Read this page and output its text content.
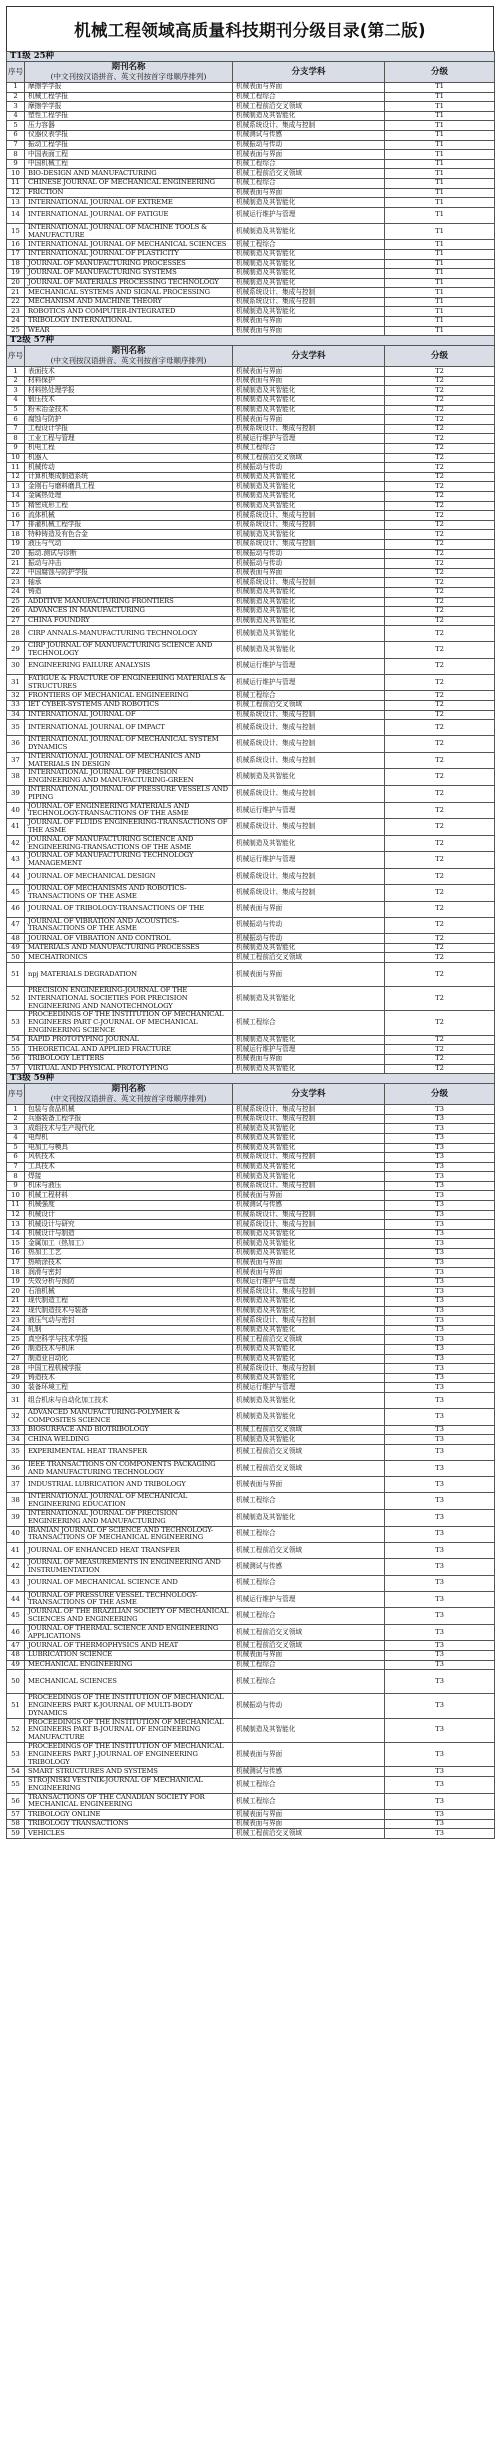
机械工程领域高质量科技期刊分级目录(第二版)
T1级 25种			
序号	期刊名称
(中文刊按汉语拼音、英文刊按首字母顺序排列)	分支学科	分级
1	摩擦学学报	机械表面与界面	T1
2	机械工程学报	机械工程综合	T1
3	摩擦学学报	机械工程前沿交叉领域	T1
4	塑性工程学报	机械制造及其智能化	T1
5	压力容器	机械系统设计、集成与控制	T1
6	仪器仪表学报	机械测试与传感	T1
7	振动工程学报	机械振动与传动	T1
8	中国表面工程	机械表面与界面	T1
9	中国机械工程	机械工程综合	T1
10	BIO-DESIGN AND MANUFACTURING	机械工程前沿交叉领域	T1
11	CHINESE JOURNAL OF MECHANICAL ENGINEERING	机械工程综合	T1
12	FRICTION	机械表面与界面	T1
13	INTERNATIONAL JOURNAL OF EXTREME	机械制造及其智能化	T1
14	INTERNATIONAL JOURNAL OF FATIGUE	机械运行维护与管理	T1
15	INTERNATIONAL JOURNAL OF MACHINE TOOLS & MANUFACTURE	机械制造及其智能化	T1
16	INTERNATIONAL JOURNAL OF MECHANICAL SCIENCES	机械工程综合	T1
17	INTERNATIONAL JOURNAL OF PLASTICITY	机械制造及其智能化	T1
18	JOURNAL OF MANUFACTURING PROCESSES	机械制造及其智能化	T1
19	JOURNAL OF MANUFACTURING SYSTEMS	机械制造及其智能化	T1
20	JOURNAL OF MATERIALS PROCESSING TECHNOLOGY	机械制造及其智能化	T1
21	MECHANICAL SYSTEMS AND SIGNAL PROCESSING	机械系统设计、集成与控制	T1
22	MECHANISM AND MACHINE THEORY	机械系统设计、集成与控制	T1
23	ROBOTICS AND COMPUTER-INTEGRATED	机械制造及其智能化	T1
24	TRIBOLOGY INTERNATIONAL	机械表面与界面	T1
25	WEAR	机械表面与界面	T1
T2级 57种			
序号	期刊名称
(中文刊按汉语拼音、英文刊按首字母顺序排列)	分支学科	分级
1	表面技术	机械表面与界面	T2
2	材料保护	机械表面与界面	T2
3	材料热处理学报	机械制造及其智能化	T2
4	锻压技术	机械制造及其智能化	T2
5	粉末冶金技术	机械制造及其智能化	T2
6	腐蚀与防护	机械表面与界面	T2
7	工程设计学报	机械系统设计、集成与控制	T2
8	工业工程与管理	机械运行维护与管理	T2
9	机电工程	机械工程综合	T2
10	机器人	机械工程前沿交叉领域	T2
11	机械传动	机械振动与传动	T2
12	计算机集成制造系统	机械制造及其智能化	T2
13	金刚石与磨料磨具工程	机械制造及其智能化	T2
14	金属热处理	机械制造及其智能化	T2
15	精密成形工程	机械制造及其智能化	T2
16	流体机械	机械系统设计、集成与控制	T2
17	排灌机械工程学报	机械系统设计、集成与控制	T2
18	特种铸造及有色合金	机械制造及其智能化	T2
19	液压与气动	机械系统设计、集成与控制	T2
20	振动.测试与诊断	机械振动与传动	T2
21	振动与冲击	机械振动与传动	T2
22	中国腐蚀与防护学报	机械表面与界面	T2
23	轴承	机械系统设计、集成与控制	T2
24	铸造	机械制造及其智能化	T2
25	ADDITIVE MANUFACTURING FRONTIERS	机械制造及其智能化	T2
26	ADVANCES IN MANUFACTURING	机械制造及其智能化	T2
27	CHINA FOUNDRY	机械制造及其智能化	T2
28	CIRP ANNALS-MANUFACTURING TECHNOLOGY	机械制造及其智能化	T2
29	CIRP JOURNAL OF MANUFACTURING SCIENCE AND TECHNOLOGY	机械制造及其智能化	T2
30	ENGINEERING FAILURE ANALYSIS	机械运行维护与管理	T2
31	FATIGUE & FRACTURE OF ENGINEERING MATERIALS & STRUCTURES	机械运行维护与管理	T2
32	FRONTIERS OF MECHANICAL ENGINEERING	机械工程综合	T2
33	IET CYBER-SYSTEMS AND ROBOTICS	机械工程前沿交叉领域	T2
34	INTERNATIONAL JOURNAL OF	机械系统设计、集成与控制	T2
35	INTERNATIONAL JOURNAL OF IMPACT	机械系统设计、集成与控制	T2
36	INTERNATIONAL JOURNAL OF MECHANICAL SYSTEM DYNAMICS	机械系统设计、集成与控制	T2
37	INTERNATIONAL JOURNAL OF MECHANICS AND MATERIALS IN DESIGN	机械系统设计、集成与控制	T2
38	INTERNATIONAL JOURNAL OF PRECISION ENGINEERING AND MANUFACTURING-GREEN	机械制造及其智能化	T2
39	INTERNATIONAL JOURNAL OF PRESSURE VESSELS AND PIPING	机械系统设计、集成与控制	T2
40	JOURNAL OF ENGINEERING MATERIALS AND TECHNOLOGY-TRANSACTIONS OF THE ASME	机械运行维护与管理	T2
41	JOURNAL OF FLUIDS ENGINEERING-TRANSACTIONS OF THE ASME	机械系统设计、集成与控制	T2
42	JOURNAL OF MANUFACTURING SCIENCE AND ENGINEERING-TRANSACTIONS OF THE ASME	机械制造及其智能化	T2
43	JOURNAL OF MANUFACTURING TECHNOLOGY MANAGEMENT	机械运行维护与管理	T2
44	JOURNAL OF MECHANICAL DESIGN	机械系统设计、集成与控制	T2
45	JOURNAL OF MECHANISMS AND ROBOTICS-TRANSACTIONS OF THE ASME	机械系统设计、集成与控制	T2
46	JOURNAL OF TRIBOLOGY-TRANSACTIONS OF THE	机械表面与界面	T2
47	JOURNAL OF VIBRATION AND ACOUSTICS-TRANSACTIONS OF THE ASME	机械振动与传动	T2
48	JOURNAL OF VIBRATION AND CONTROL	机械振动与传动	T2
49	MATERIALS AND MANUFACTURING PROCESSES	机械制造及其智能化	T2
50	MECHATRONICS	机械工程前沿交叉领域	T2
51	npj MATERIALS DEGRADATION	机械表面与界面	T2
52	PRECISION ENGINEERING-JOURNAL OF THE INTERNATIONAL SOCIETIES FOR PRECISION ENGINEERING AND NANOTECHNOLOGY	机械制造及其智能化	T2
53	PROCEEDINGS OF THE INSTITUTION OF MECHANICAL ENGINEERS PART C-JOURNAL OF MECHANICAL ENGINEERING SCIENCE	机械工程综合	T2
54	RAPID PROTOTYPING JOURNAL	机械制造及其智能化	T2
55	THEORETICAL AND APPLIED FRACTURE	机械运行维护与管理	T2
56	TRIBOLOGY LETTERS	机械表面与界面	T2
57	VIRTUAL AND PHYSICAL PROTOTYPING	机械制造及其智能化	T2
T3级 59种			
序号	期刊名称
(中文刊按汉语拼音、英文刊按首字母顺序排列)	分支学科	分级
1	包装与食品机械	机械系统设计、集成与控制	T3
2	兵器装备工程学报	机械系统设计、集成与控制	T3
3	成组技术与生产现代化	机械制造及其智能化	T3
4	电焊机	机械制造及其智能化	T3
5	电加工与模具	机械制造及其智能化	T3
6	风机技术	机械系统设计、集成与控制	T3
7	工具技术	机械制造及其智能化	T3
8	焊接	机械制造及其智能化	T3
9	机床与液压	机械系统设计、集成与控制	T3
10	机械工程材料	机械表面与界面	T3
11	机械强度	机械测试与传感	T3
12	机械设计	机械系统设计、集成与控制	T3
13	机械设计与研究	机械系统设计、集成与控制	T3
14	机械设计与制造	机械制造及其智能化	T3
15	金属加工（热加工）	机械制造及其智能化	T3
16	热加工工艺	机械制造及其智能化	T3
17	热喷涂技术	机械表面与界面	T3
18	润滑与密封	机械表面与界面	T3
19	失效分析与预防	机械运行维护与管理	T3
20	石油机械	机械系统设计、集成与控制	T3
21	现代制造工程	机械制造及其智能化	T3
22	现代制造技术与装备	机械制造及其智能化	T3
23	液压气动与密封	机械系统设计、集成与控制	T3
24	轧钢	机械制造及其智能化	T3
25	真空科学与技术学报	机械工程前沿交叉领域	T3
26	制造技术与机床	机械制造及其智能化	T3
27	制造业自动化	机械制造及其智能化	T3
28	中国工程机械学报	机械系统设计、集成与控制	T3
29	铸造技术	机械制造及其智能化	T3
30	装备环境工程	机械运行维护与管理	T3
31	组合机床与自动化加工技术	机械制造及其智能化	T3
32	ADVANCED MANUFACTURING-POLYMER & COMPOSITES SCIENCE	机械制造及其智能化	T3
33	BIOSURFACE AND BIOTRIBOLOGY	机械工程前沿交叉领域	T3
34	CHINA WELDING	机械制造及其智能化	T3
35	EXPERIMENTAL HEAT TRANSFER	机械工程前沿交叉领域	T3
36	IEEE TRANSACTIONS ON COMPONENTS PACKAGING AND MANUFACTURING TECHNOLOGY	机械工程前沿交叉领域	T3
37	INDUSTRIAL LUBRICATION AND TRIBOLOGY	机械表面与界面	T3
38	INTERNATIONAL JOURNAL OF MECHANICAL ENGINEERING EDUCATION	机械工程综合	T3
39	INTERNATIONAL JOURNAL OF PRECISION ENGINEERING AND MANUFACTURING	机械制造及其智能化	T3
40	IRANIAN JOURNAL OF SCIENCE AND TECHNOLOGY-TRANSACTIONS OF MECHANICAL ENGINEERING	机械工程综合	T3
41	JOURNAL OF ENHANCED HEAT TRANSFER	机械工程前沿交叉领域	T3
42	JOURNAL OF MEASUREMENTS IN ENGINEERING AND INSTRUMENTATION	机械测试与传感	T3
43	JOURNAL OF MECHANICAL SCIENCE AND	机械工程综合	T3
44	JOURNAL OF PRESSURE VESSEL TECHNOLOGY-TRANSACTIONS OF THE ASME	机械运行维护与管理	T3
45	JOURNAL OF THE BRAZILIAN SOCIETY OF MECHANICAL SCIENCES AND ENGINEERING	机械工程综合	T3
46	JOURNAL OF THERMAL SCIENCE AND ENGINEERING APPLICATIONS	机械工程前沿交叉领域	T3
47	JOURNAL OF THERMOPHYSICS AND HEAT	机械工程前沿交叉领域	T3
48	LUBRICATION SCIENCE	机械表面与界面	T3
49	MECHANICAL ENGINEERING	机械工程综合	T3
50	MECHANICAL SCIENCES	机械工程综合	T3
51	PROCEEDINGS OF THE INSTITUTION OF MECHANICAL ENGINEERS PART K-JOURNAL OF MULTI-BODY DYNAMICS	机械振动与传动	T3
52	PROCEEDINGS OF THE INSTITUTION OF MECHANICAL ENGINEERS PART B-JOURNAL OF ENGINEERING MANUFACTURE	机械制造及其智能化	T3
53	PROCEEDINGS OF THE INSTITUTION OF MECHANICAL ENGINEERS PART J-JOURNAL OF ENGINEERING TRIBOLOGY	机械表面与界面	T3
54	SMART STRUCTURES AND SYSTEMS	机械测试与传感	T3
55	STROJNISKI VESTNIK-JOURNAL OF MECHANICAL ENGINEERING	机械工程综合	T3
56	TRANSACTIONS OF THE CANADIAN SOCIETY FOR MECHANICAL ENGINEERING	机械工程综合	T3
57	TRIBOLOGY ONLINE	机械表面与界面	T3
58	TRIBOLOGY TRANSACTIONS	机械表面与界面	T3
59	VEHICLES	机械工程前沿交叉领域	T3
